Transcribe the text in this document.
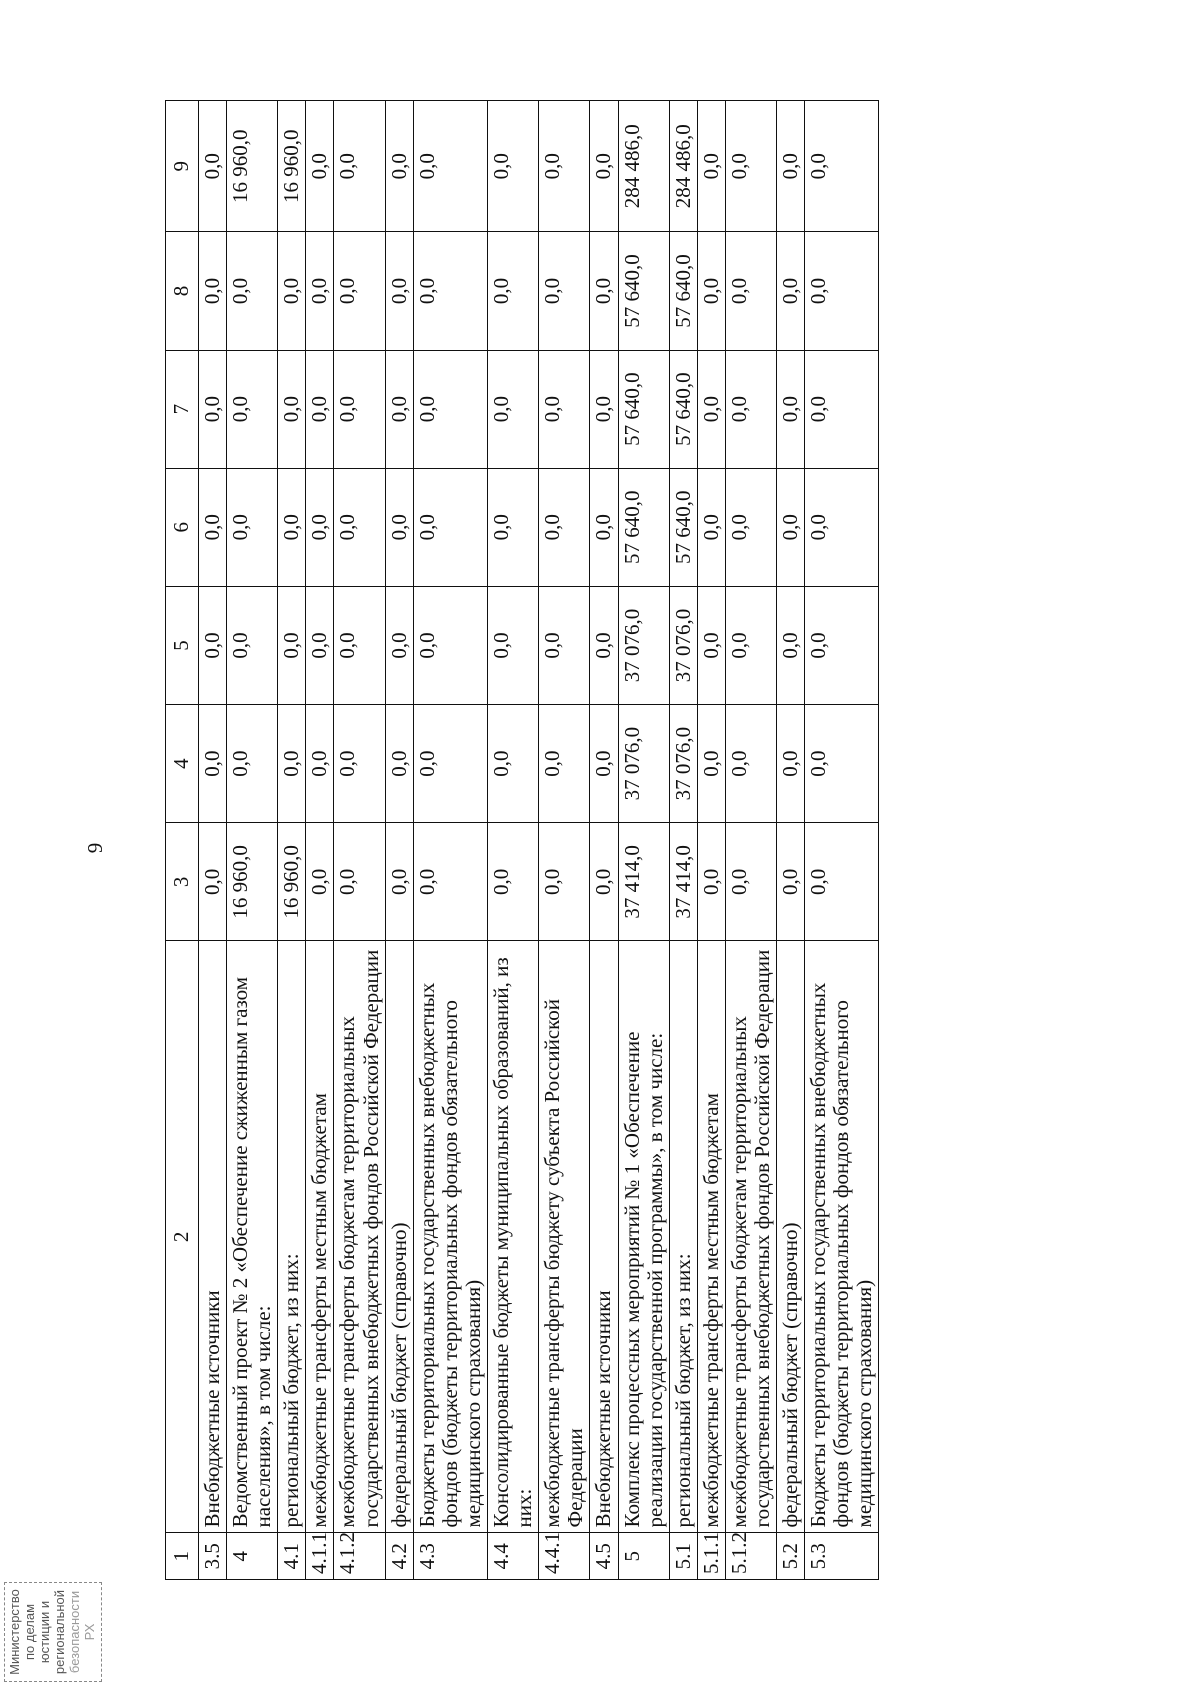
9
1	2	3	4	5	6	7	8	9
3.5	Внебюджетные источники	0,0	0,0	0,0	0,0	0,0	0,0	0,0
4	Ведомственный проект № 2 «Обеспечение сжиженным газом населения», в том числе:	16 960,0	0,0	0,0	0,0	0,0	0,0	16 960,0
4.1	региональный бюджет, из них:	16 960,0	0,0	0,0	0,0	0,0	0,0	16 960,0
4.1.1	межбюджетные трансферты местным бюджетам	0,0	0,0	0,0	0,0	0,0	0,0	0,0
4.1.2	межбюджетные трансферты бюджетам территориальных государственных внебюджетных фондов Российской Федерации	0,0	0,0	0,0	0,0	0,0	0,0	0,0
4.2	федеральный бюджет (справочно)	0,0	0,0	0,0	0,0	0,0	0,0	0,0
4.3	Бюджеты территориальных государственных внебюджетных фондов (бюджеты территориальных фондов обязательного медицинского страхования)	0,0	0,0	0,0	0,0	0,0	0,0	0,0
4.4	Консолидированные бюджеты муниципальных образований, из них:	0,0	0,0	0,0	0,0	0,0	0,0	0,0
4.4.1	межбюджетные трансферты бюджету субъекта Российской Федерации	0,0	0,0	0,0	0,0	0,0	0,0	0,0
4.5	Внебюджетные источники	0,0	0,0	0,0	0,0	0,0	0,0	0,0
5	Комплекс процессных мероприятий № 1 «Обеспечение реализации государственной программы», в том числе:	37 414,0	37 076,0	37 076,0	57 640,0	57 640,0	57 640,0	284 486,0
5.1	региональный бюджет, из них:	37 414,0	37 076,0	37 076,0	57 640,0	57 640,0	57 640,0	284 486,0
5.1.1	межбюджетные трансферты местным бюджетам	0,0	0,0	0,0	0,0	0,0	0,0	0,0
5.1.2	межбюджетные трансферты бюджетам территориальных государственных внебюджетных фондов Российской Федерации	0,0	0,0	0,0	0,0	0,0	0,0	0,0
5.2	федеральный бюджет (справочно)	0,0	0,0	0,0	0,0	0,0	0,0	0,0
5.3	Бюджеты территориальных государственных внебюджетных фондов (бюджеты территориальных фондов обязательного медицинского страхования)	0,0	0,0	0,0	0,0	0,0	0,0	0,0
Министерство по делам юстиции и региональной безопасности РХ
